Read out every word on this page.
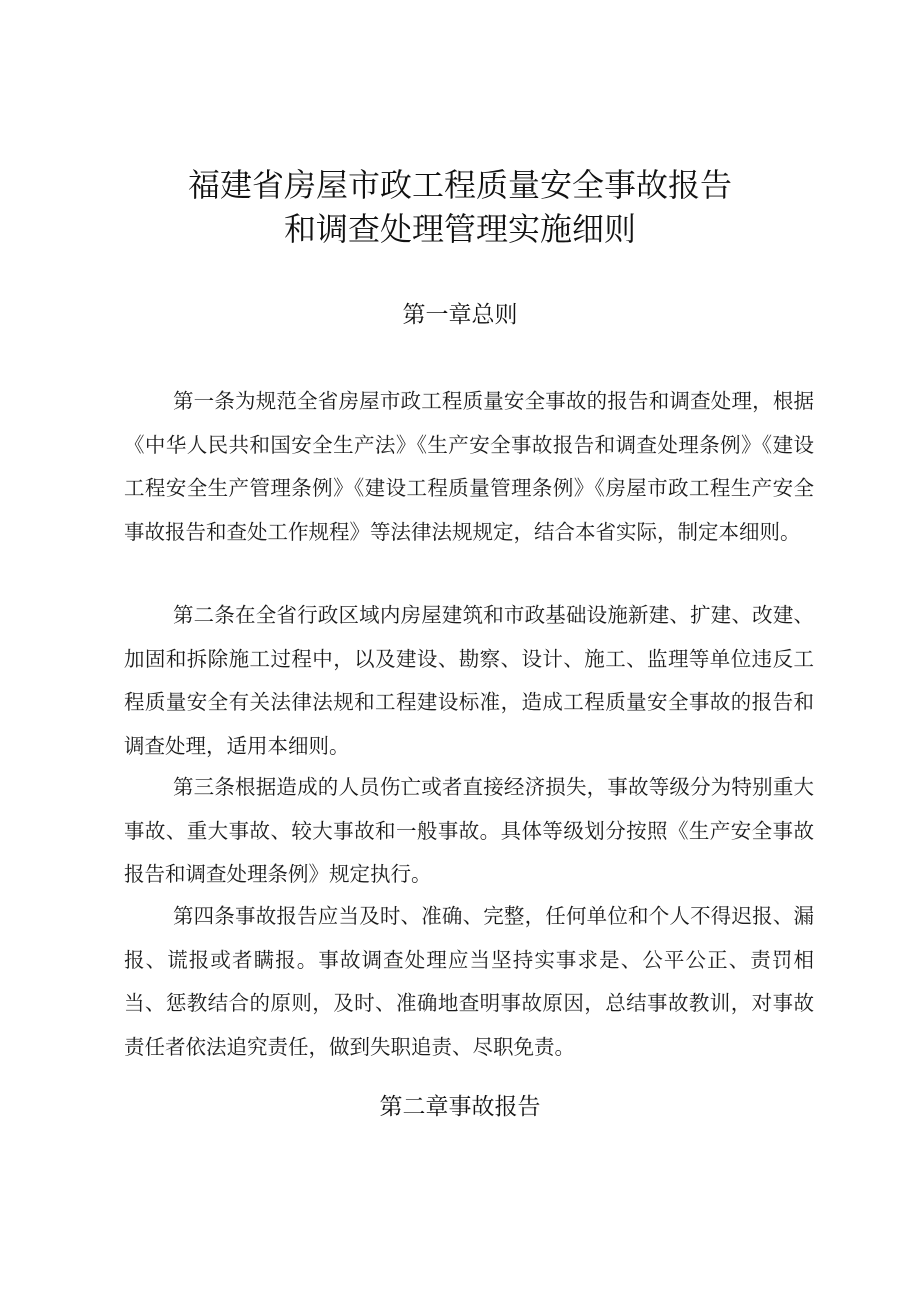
福建省房屋市政工程质量安全事故报告
和调查处理管理实施细则
第一章总则

第一条为规范全省房屋市政工程质量安全事故的报告和调查处理，根据《中华人民共和国安全生产法》《生产安全事故报告和调查处理条例》《建设工程安全生产管理条例》《建设工程质量管理条例》《房屋市政工程生产安全事故报告和查处工作规程》等法律法规规定，结合本省实际，制定本细则。

第二条在全省行政区域内房屋建筑和市政基础设施新建、扩建、改建、加固和拆除施工过程中，以及建设、勘察、设计、施工、监理等单位违反工程质量安全有关法律法规和工程建设标准，造成工程质量安全事故的报告和调查处理，适用本细则。

第三条根据造成的人员伤亡或者直接经济损失，事故等级分为特别重大事故、重大事故、较大事故和一般事故。具体等级划分按照《生产安全事故报告和调查处理条例》规定执行。

第四条事故报告应当及时、准确、完整，任何单位和个人不得迟报、漏报、谎报或者瞒报。事故调查处理应当坚持实事求是、公平公正、责罚相当、惩教结合的原则，及时、准确地查明事故原因，总结事故教训，对事故责任者依法追究责任，做到失职追责、尽职免责。

第二章事故报告
